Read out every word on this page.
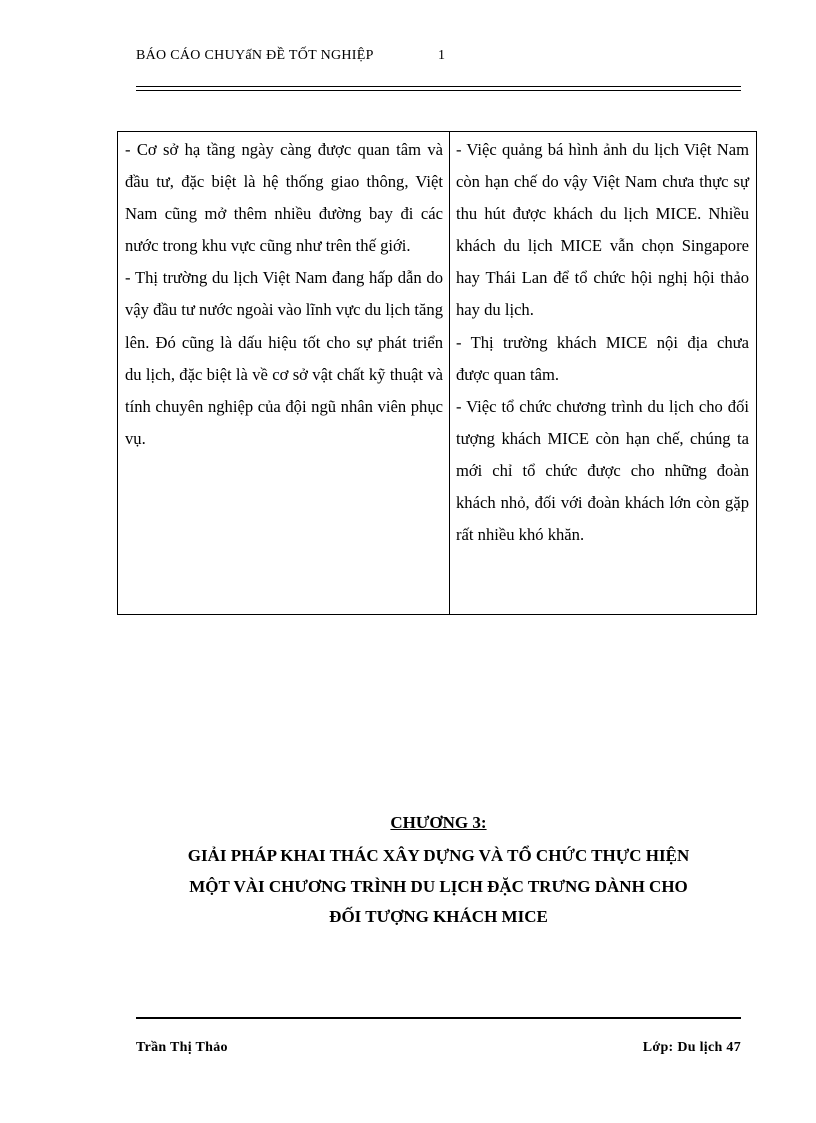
BÁO CÁO CHUYấN ĐỀ TỐT NGHIỆP	1

- Cơ sở hạ tầng ngày càng được quan tâm và đầu tư, đặc biệt là hệ thống giao thông, Việt Nam cũng mở thêm nhiều đường bay đi các nước trong khu vực cũng như trên thế giới.

- Thị trường du lịch Việt Nam đang hấp dẫn do vậy đầu tư nước ngoài vào lĩnh vực du lịch tăng lên. Đó cũng là dấu hiệu tốt cho sự phát triển du lịch, đặc biệt là về cơ sở vật chất kỹ thuật và tính chuyên nghiệp của đội ngũ nhân viên phục vụ.

- Việc quảng bá hình ảnh du lịch Việt Nam còn hạn chế do vậy Việt Nam chưa thực sự thu hút được khách du lịch MICE. Nhiều khách du lịch MICE vẫn chọn Singapore hay Thái Lan để tổ chức hội nghị hội thảo hay du lịch.

- Thị trường khách MICE nội địa chưa được quan tâm.

- Việc tổ chức chương trình du lịch cho đối tượng khách MICE còn hạn chế, chúng ta mới chỉ tổ chức được cho những đoàn khách nhỏ, đối với đoàn khách lớn còn gặp rất nhiều khó khăn.

CHƯƠNG 3:
GIẢI PHÁP KHAI THÁC XÂY DỰNG VÀ TỔ CHỨC THỰC HIỆN
MỘT VÀI CHƯƠNG TRÌNH DU LỊCH ĐẶC TRƯNG DÀNH CHO
ĐỐI TƯỢNG KHÁCH MICE
Trần Thị Thảo	Lớp: Du lịch 47
